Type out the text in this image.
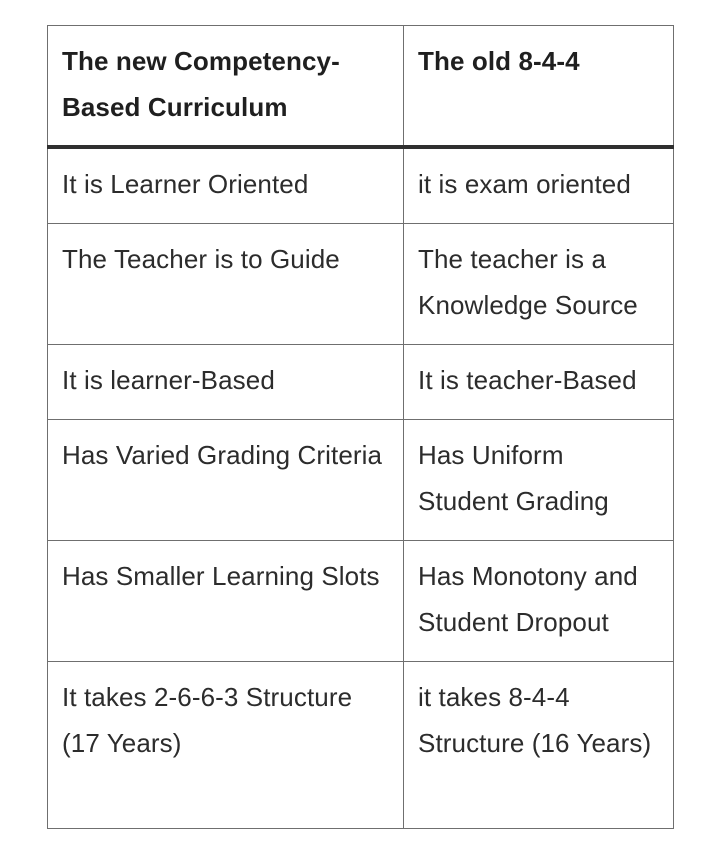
The new Competency-Based Curriculum	The old 8-4-4
It is Learner Oriented	it is exam oriented
The Teacher is to Guide	The teacher is a Knowledge Source
It is learner-Based	It is teacher-Based
Has Varied Grading Criteria	Has Uniform Student Grading
Has Smaller Learning Slots	Has Monotony and Student Dropout
It takes 2-6-6-3 Structure (17 Years)	it takes 8-4-4 Structure (16 Years)
